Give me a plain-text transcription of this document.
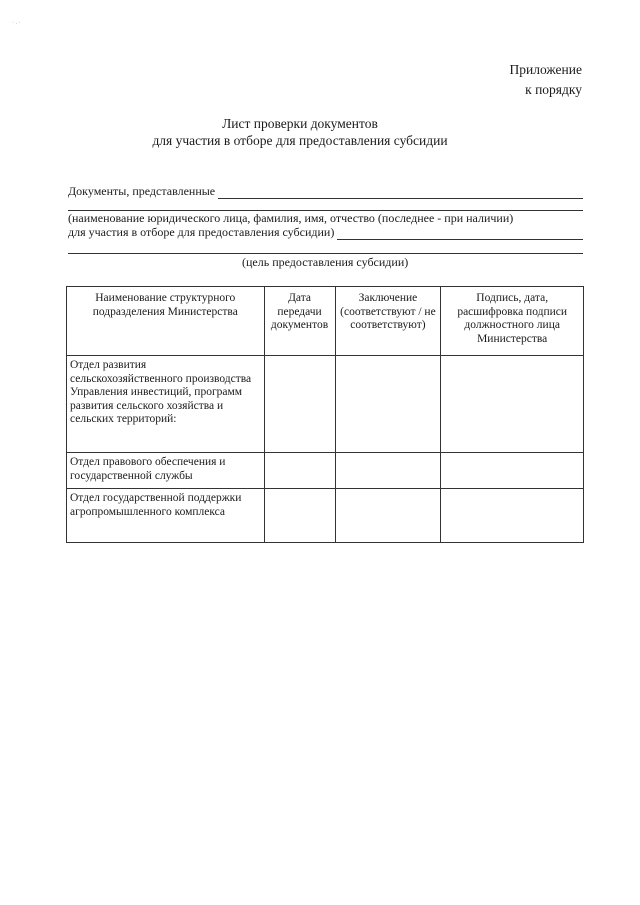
· . ·
Приложение
к порядку
Лист проверки документов
для участия в отборе для предоставления субсидии
Документы, представленные
(наименование юридического лица, фамилия, имя, отчество (последнее - при наличии)
для участия в отборе для предоставления субсидии)
(цель предоставления субсидии)
Наименование структурного подразделения Министерства	Дата передачи документов	Заключение (соответствуют / не соответствуют)	Подпись, дата, расшифровка подписи должностного лица Министерства
Отдел развития сельскохозяйственного производства Управления инвестиций, программ развития сельского хозяйства и сельских территорий:			
Отдел правового обеспечения и государственной службы			
Отдел государственной поддержки агропромышленного комплекса			
